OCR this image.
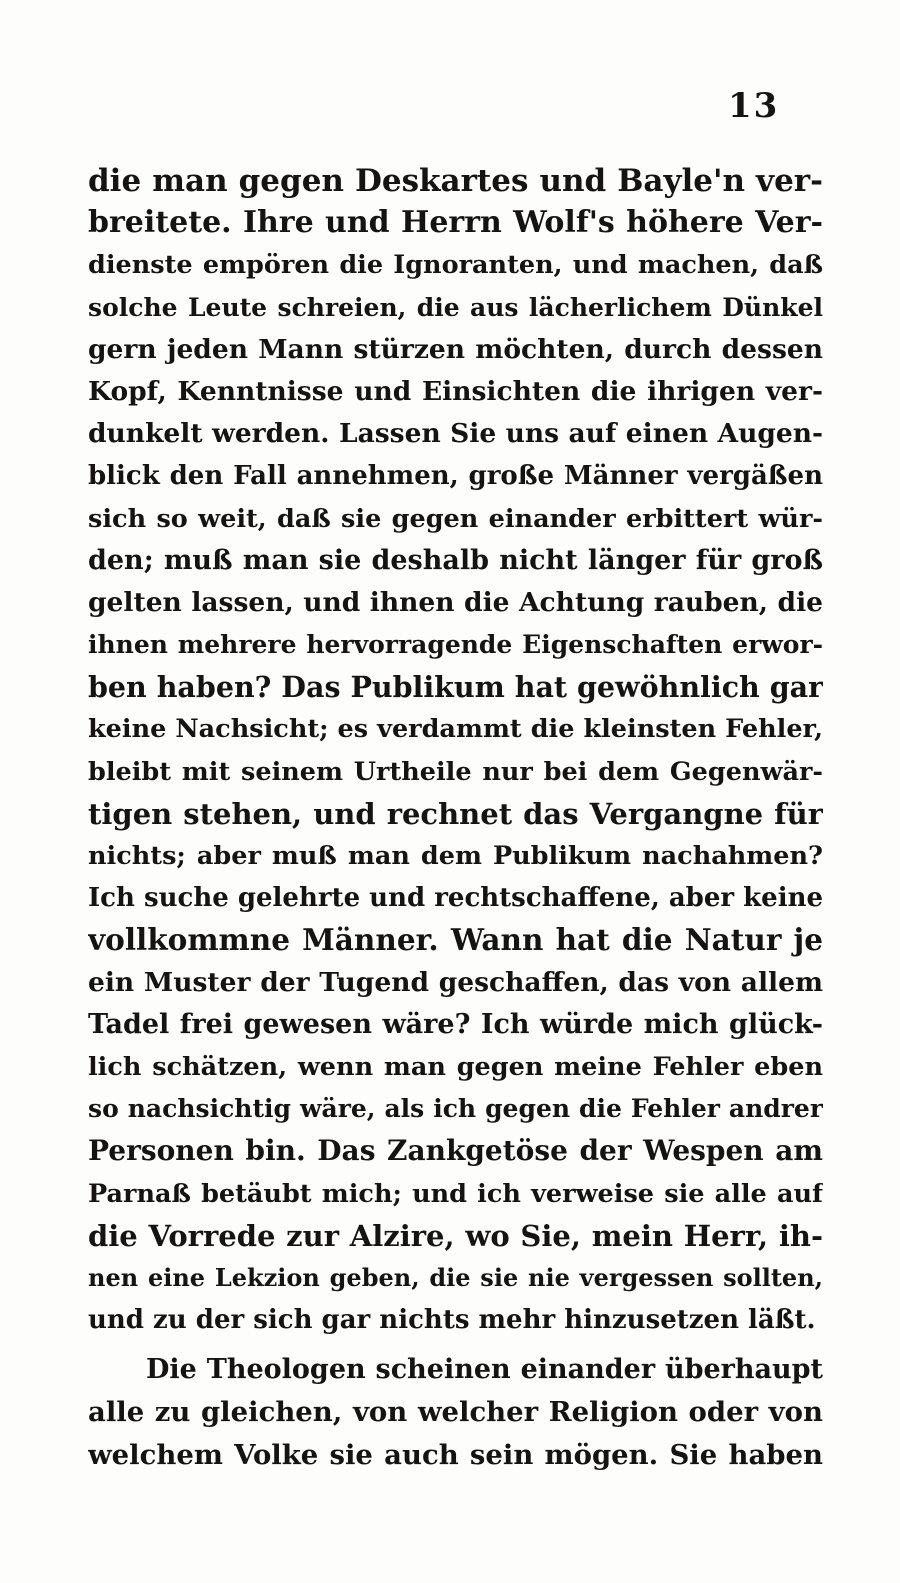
13
die man gegen Deskartes und Bayle'n ver-
breitete. Ihre und Herrn Wolf's höhere Ver-
dienste empören die Ignoranten, und machen, daß
solche Leute schreien, die aus lächerlichem Dünkel
gern jeden Mann stürzen möchten, durch dessen
Kopf, Kenntnisse und Einsichten die ihrigen ver-
dunkelt werden. Lassen Sie uns auf einen Augen-
blick den Fall annehmen, große Männer vergäßen
sich so weit, daß sie gegen einander erbittert wür-
den; muß man sie deshalb nicht länger für groß
gelten lassen, und ihnen die Achtung rauben, die
ihnen mehrere hervorragende Eigenschaften erwor-
ben haben? Das Publikum hat gewöhnlich gar
keine Nachsicht; es verdammt die kleinsten Fehler,
bleibt mit seinem Urtheile nur bei dem Gegenwär-
tigen stehen, und rechnet das Vergangne für
nichts; aber muß man dem Publikum nachahmen?
Ich suche gelehrte und rechtschaffene, aber keine
vollkommne Männer. Wann hat die Natur je
ein Muster der Tugend geschaffen, das von allem
Tadel frei gewesen wäre? Ich würde mich glück-
lich schätzen, wenn man gegen meine Fehler eben
so nachsichtig wäre, als ich gegen die Fehler andrer
Personen bin. Das Zankgetöse der Wespen am
Parnaß betäubt mich; und ich verweise sie alle auf
die Vorrede zur Alzire, wo Sie, mein Herr, ih-
nen eine Lekzion geben, die sie nie vergessen sollten,
und zu der sich gar nichts mehr hinzusetzen läßt.
Die Theologen scheinen einander überhaupt
alle zu gleichen, von welcher Religion oder von
welchem Volke sie auch sein mögen. Sie haben
